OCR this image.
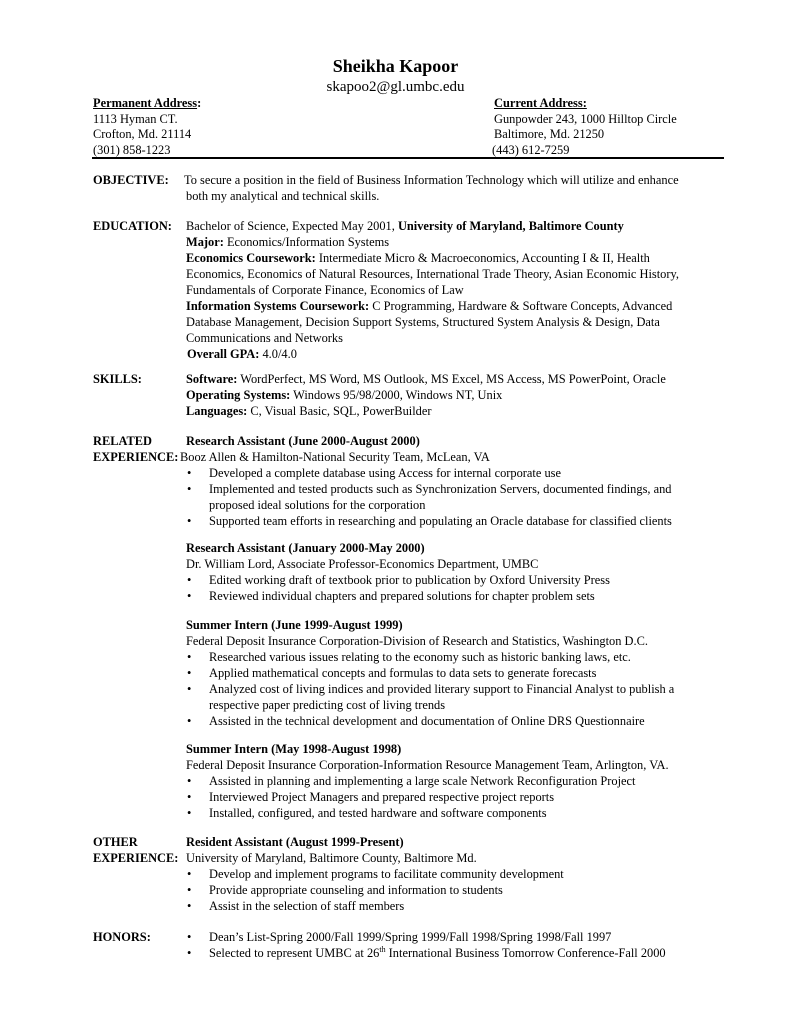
Sheikha Kapoor
skapoo2@gl.umbc.edu
Permanent Address:
1113 Hyman CT.
Crofton, Md. 21114
(301) 858-1223
Current Address:
Gunpowder 243, 1000 Hilltop Circle
Baltimore, Md. 21250
(443) 612-7259
OBJECTIVE: To secure a position in the field of Business Information Technology which will utilize and enhance
both my analytical and technical skills.
EDUCATION: Bachelor of Science, Expected May 2001, University of Maryland, Baltimore County
Major: Economics/Information Systems
Economics Coursework: Intermediate Micro & Macroeconomics, Accounting I & II, Health
Economics, Economics of Natural Resources, International Trade Theory, Asian Economic History,
Fundamentals of Corporate Finance, Economics of Law
Information Systems Coursework: C Programming, Hardware & Software Concepts, Advanced
Database Management, Decision Support Systems, Structured System Analysis & Design, Data
Communications and Networks
Overall GPA: 4.0/4.0
SKILLS:	Software: WordPerfect, MS Word, MS Outlook, MS Excel, MS Access, MS PowerPoint, Oracle
Operating Systems: Windows 95/98/2000, Windows NT, Unix
Languages: C, Visual Basic, SQL, PowerBuilder
RELATED
EXPERIENCE:
Research Assistant (June 2000-August 2000)
Booz Allen & Hamilton-National Security Team, McLean, VA
• Developed a complete database using Access for internal corporate use
• Implemented and tested products such as Synchronization Servers, documented findings, and
proposed ideal solutions for the corporation
• Supported team efforts in researching and populating an Oracle database for classified clients
Research Assistant (January 2000-May 2000)
Dr. William Lord, Associate Professor-Economics Department, UMBC
• Edited working draft of textbook prior to publication by Oxford University Press
• Reviewed individual chapters and prepared solutions for chapter problem sets
Summer Intern (June 1999-August 1999)
Federal Deposit Insurance Corporation-Division of Research and Statistics, Washington D.C.
• Researched various issues relating to the economy such as historic banking laws, etc.
• Applied mathematical concepts and formulas to data sets to generate forecasts
• Analyzed cost of living indices and provided literary support to Financial Analyst to publish a
respective paper predicting cost of living trends
• Assisted in the technical development and documentation of Online DRS Questionnaire
Summer Intern (May 1998-August 1998)
Federal Deposit Insurance Corporation-Information Resource Management Team, Arlington, VA.
• Assisted in planning and implementing a large scale Network Reconfiguration Project
• Interviewed Project Managers and prepared respective project reports
• Installed, configured, and tested hardware and software components
OTHER
EXPERIENCE:
Resident Assistant (August 1999-Present)
University of Maryland, Baltimore County, Baltimore Md.
• Develop and implement programs to facilitate community development
• Provide appropriate counseling and information to students
• Assist in the selection of staff members
HONORS:	• Dean’s List-Spring 2000/Fall 1999/Spring 1999/Fall 1998/Spring 1998/Fall 1997
• Selected to represent UMBC at 26th International Business Tomorrow Conference-Fall 2000
